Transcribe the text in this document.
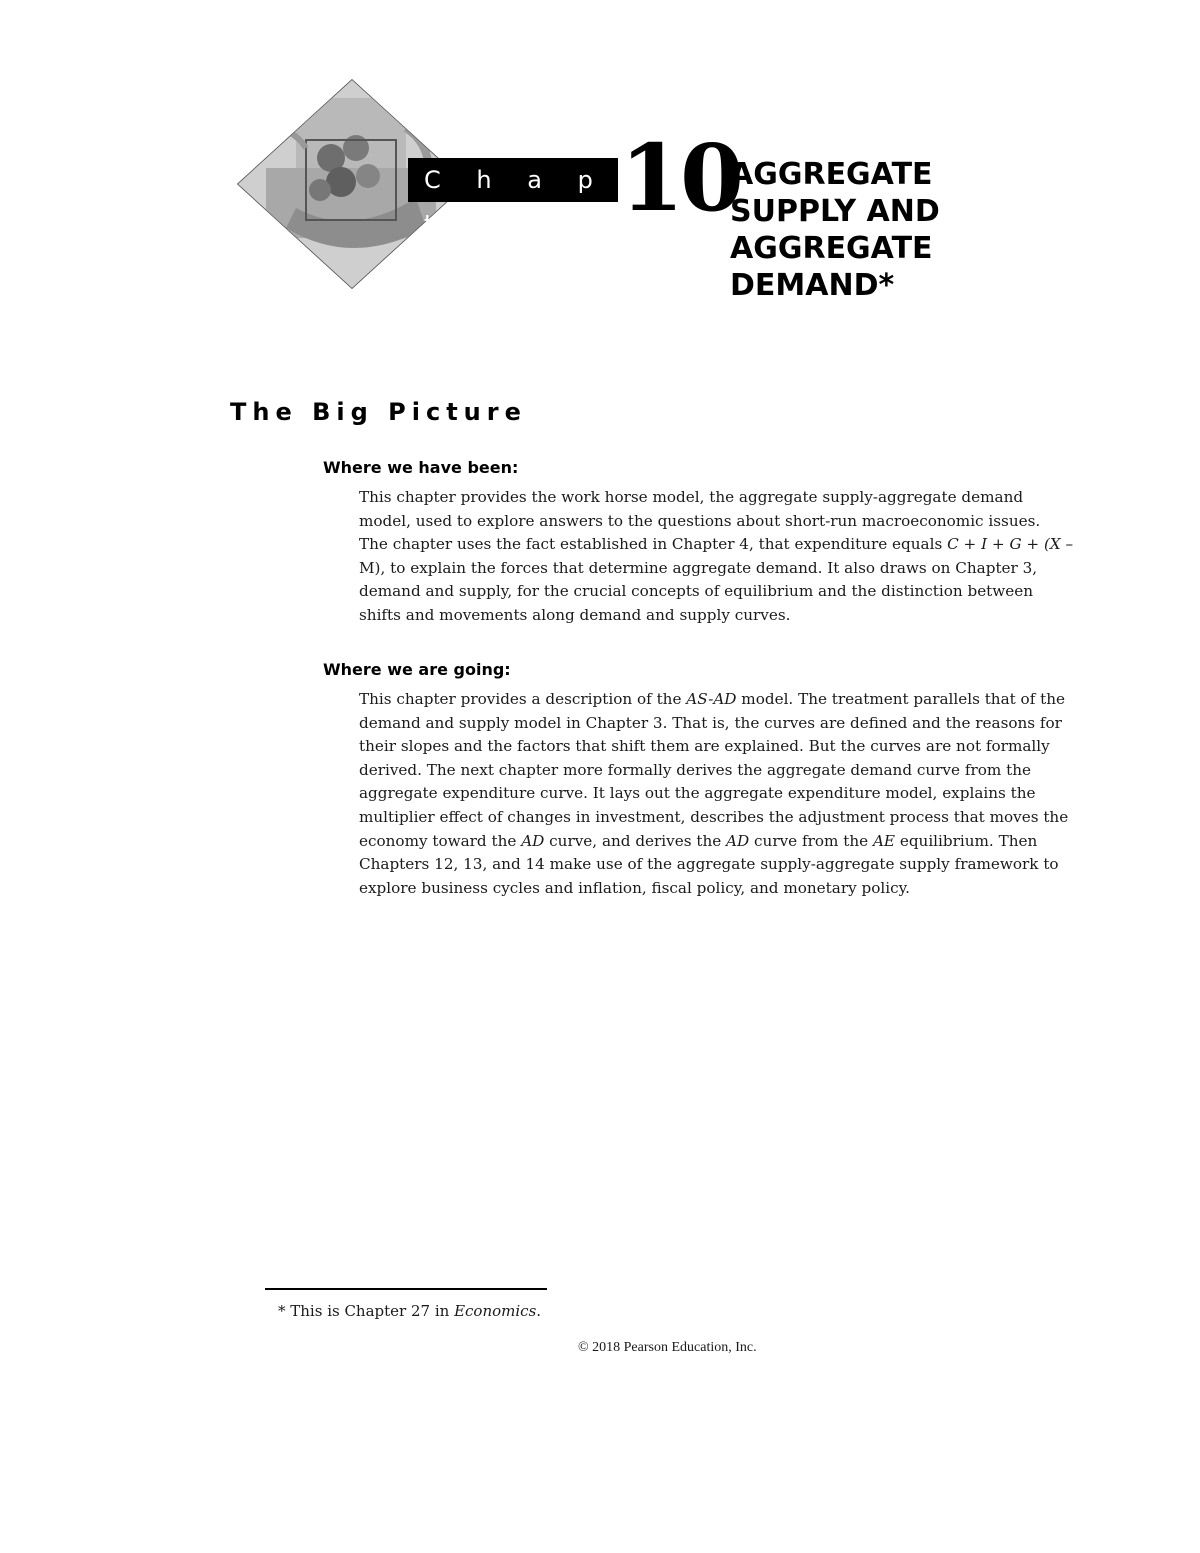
C h a p t e r 10
AGGREGATE
SUPPLY AND
AGGREGATE
DEMAND*
The Big Picture
Where we have been:
This chapter provides the work horse model, the aggregate supply-aggregate demand
model, used to explore answers to the questions about short-run macroeconomic issues.
The chapter uses the fact established in Chapter 4, that expenditure equals C + I + G + (X –
M), to explain the forces that determine aggregate demand. It also draws on Chapter 3,
demand and supply, for the crucial concepts of equilibrium and the distinction between
shifts and movements along demand and supply curves.
Where we are going:
This chapter provides a description of the AS-AD model. The treatment parallels that of the
demand and supply model in Chapter 3. That is, the curves are defined and the reasons for
their slopes and the factors that shift them are explained. But the curves are not formally
derived. The next chapter more formally derives the aggregate demand curve from the
aggregate expenditure curve. It lays out the aggregate expenditure model, explains the
multiplier effect of changes in investment, describes the adjustment process that moves the
economy toward the AD curve, and derives the AD curve from the AE equilibrium. Then
Chapters 12, 13, and 14 make use of the aggregate supply-aggregate supply framework to
explore business cycles and inflation, fiscal policy, and monetary policy.

* This is Chapter 27 in Economics.

© 2018 Pearson Education, Inc.
